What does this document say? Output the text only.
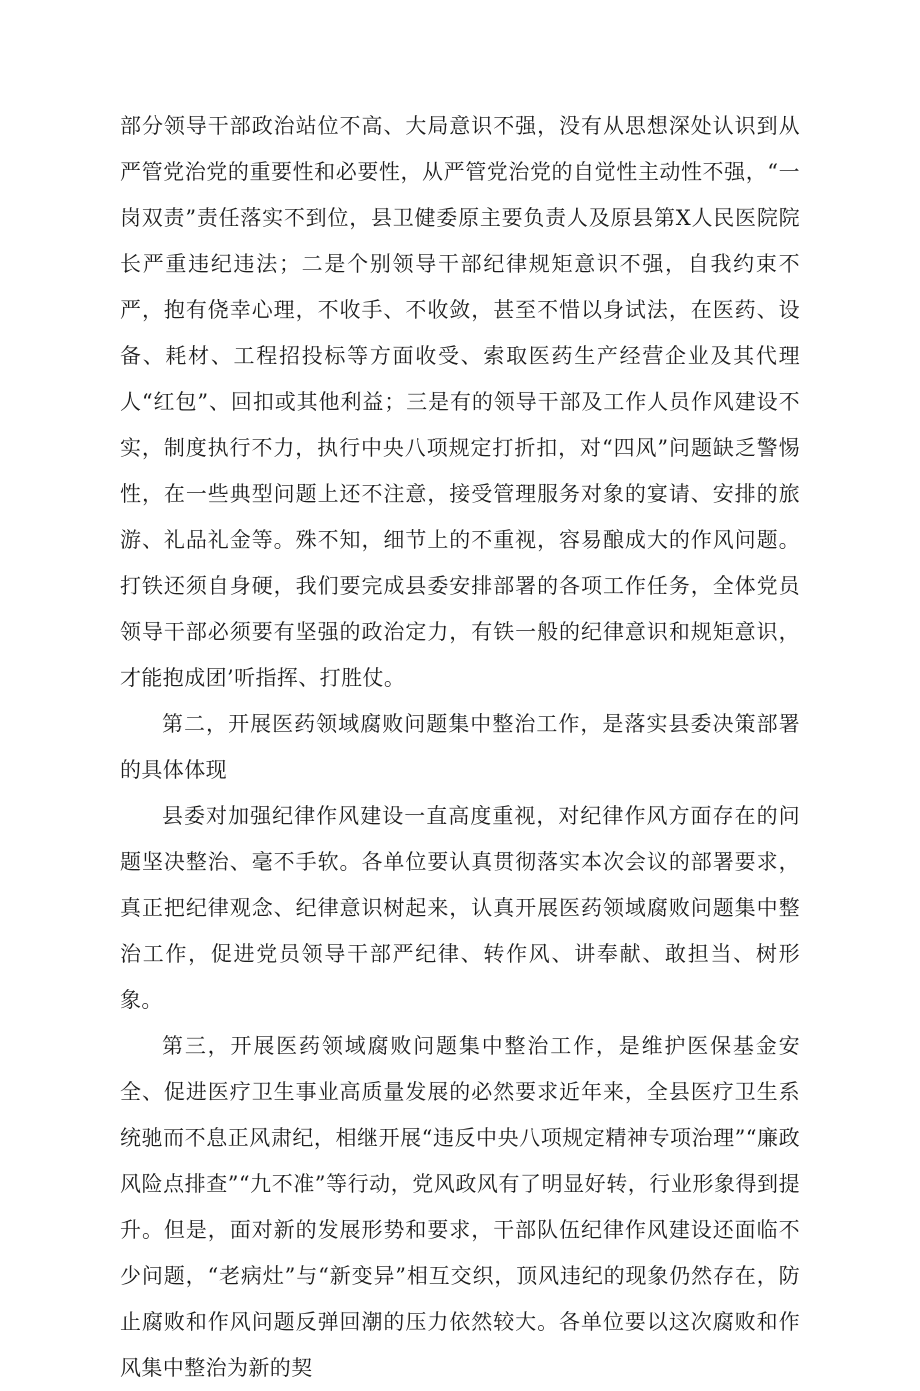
部分领导干部政治站位不高、大局意识不强，没有从思想深处认识到从严管党治党的重要性和必要性，从严管党治党的自觉性主动性不强，“一岗双责”责任落实不到位，县卫健委原主要负责人及原县第X人民医院院长严重违纪违法；二是个别领导干部纪律规矩意识不强，自我约束不严，抱有侥幸心理，不收手、不收敛，甚至不惜以身试法，在医药、设备、耗材、工程招投标等方面收受、索取医药生产经营企业及其代理人“红包”、回扣或其他利益；三是有的领导干部及工作人员作风建设不实，制度执行不力，执行中央八项规定打折扣，对“四风”问题缺乏警惕性，在一些典型问题上还不注意，接受管理服务对象的宴请、安排的旅游、礼品礼金等。殊不知，细节上的不重视，容易酿成大的作风问题。打铁还须自身硬，我们要完成县委安排部署的各项工作任务，全体党员领导干部必须要有坚强的政治定力，有铁一般的纪律意识和规矩意识，才能抱成团’听指挥、打胜仗。

第二，开展医药领域腐败问题集中整治工作，是落实县委决策部署的具体体现

县委对加强纪律作风建设一直高度重视，对纪律作风方面存在的问题坚决整治、毫不手软。各单位要认真贯彻落实本次会议的部署要求，真正把纪律观念、纪律意识树起来，认真开展医药领域腐败问题集中整治工作，促进党员领导干部严纪律、转作风、讲奉献、敢担当、树形象。

第三，开展医药领域腐败问题集中整治工作，是维护医保基金安全、促进医疗卫生事业高质量发展的必然要求近年来，全县医疗卫生系统驰而不息正风肃纪，相继开展“违反中央八项规定精神专项治理”“廉政风险点排查”“九不准”等行动，党风政风有了明显好转，行业形象得到提升。但是，面对新的发展形势和要求，干部队伍纪律作风建设还面临不少问题，“老病灶”与“新变异”相互交织，顶风违纪的现象仍然存在，防止腐败和作风问题反弹回潮的压力依然较大。各单位要以这次腐败和作风集中整治为新的契
